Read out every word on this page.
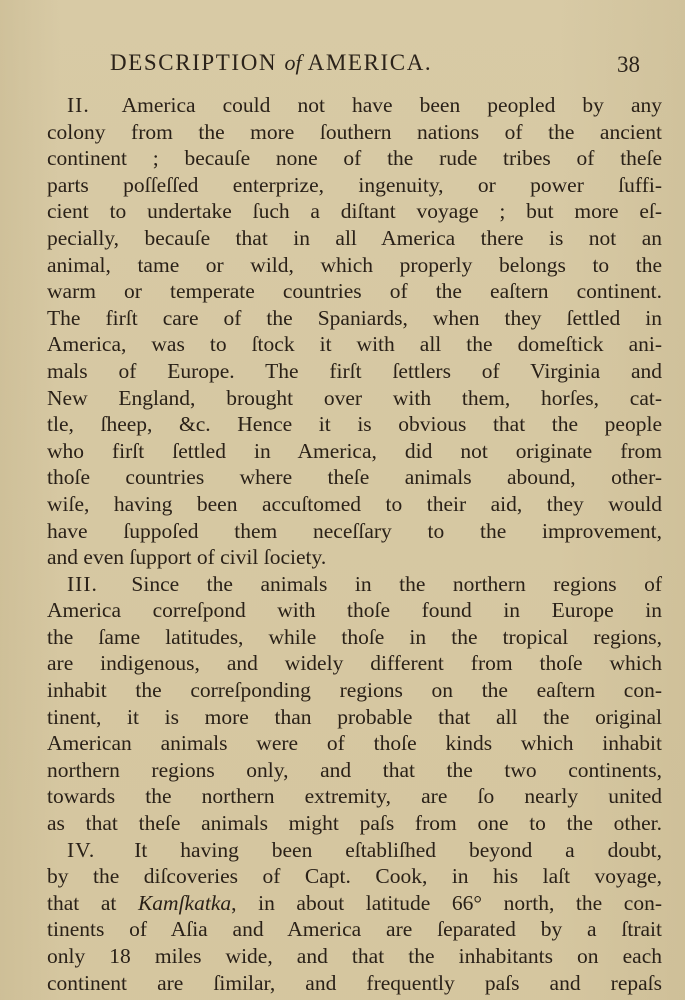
DESCRIPTION of AMERICA.	38
II. America could not have been peopled by any
colony from the more ſouthern nations of the ancient
continent ; becauſe none of the rude tribes of theſe
parts poſſeſſed enterprize, ingenuity, or power ſuffi-
cient to undertake ſuch a diſtant voyage ; but more eſ-
pecially, becauſe that in all America there is not an
animal, tame or wild, which properly belongs to the
warm or temperate countries of the eaſtern continent.
The firſt care of the Spaniards, when they ſettled in
America, was to ſtock it with all the domeſtick ani-
mals of Europe. The firſt ſettlers of Virginia and
New England, brought over with them, horſes, cat-
tle, ſheep, &c. Hence it is obvious that the people
who firſt ſettled in America, did not originate from
thoſe countries where theſe animals abound, other-
wiſe, having been accuſtomed to their aid, they would
have ſuppoſed them neceſſary to the improvement,
and even ſupport of civil ſociety.
III. Since the animals in the northern regions of
America correſpond with thoſe found in Europe in
the ſame latitudes, while thoſe in the tropical regions,
are indigenous, and widely different from thoſe which
inhabit the correſponding regions on the eaſtern con-
tinent, it is more than probable that all the original
American animals were of thoſe kinds which inhabit
northern regions only, and that the two continents,
towards the northern extremity, are ſo nearly united
as that theſe animals might paſs from one to the other.
IV. It having been eſtabliſhed beyond a doubt,
by the diſcoveries of Capt. Cook, in his laſt voyage,
that at Kamſkatka, in about latitude 66° north, the con-
tinents of Aſia and America are ſeparated by a ſtrait
only 18 miles wide, and that the inhabitants on each
continent are ſimilar, and frequently paſs and repaſs
